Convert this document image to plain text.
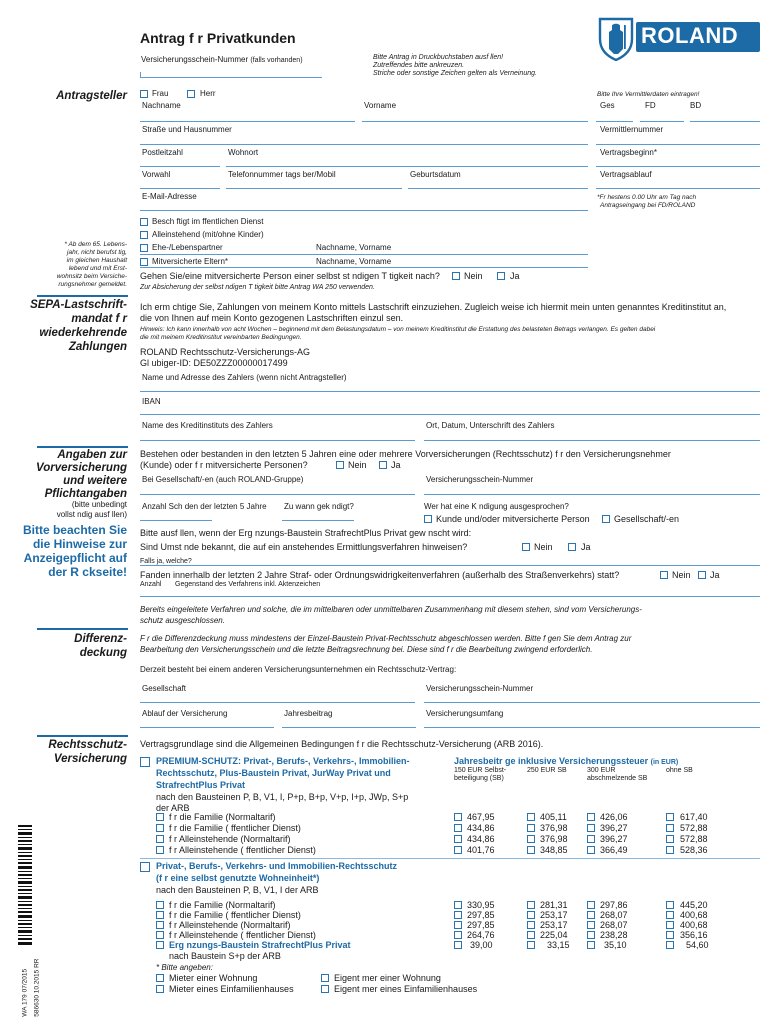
Antrag f r Privatkunden	ROLAND
Versicherungsschein-Nummer (falls vorhanden)	Bitte Antrag in Druckbuchstaben ausf llen!
Zutreffendes bitte ankreuzen.
Striche oder sonstige Zeichen gelten als Verneinung.
Antragsteller	Frau	Herr
Nachname	Vorname
Bitte Ihre Vermittlerdaten eintragen!
Ges	FD	BD
Straße und Hausnummer	Vermittlernummer
Postleitzahl	Wohnort	Vertragsbeginn*
Vorwahl	Telefonnummer tags ber/Mobil	Geburtsdatum	Vertragsablauf
E-Mail-Adresse	*Fr hestens 0.00 Uhr am Tag nach
Antragseingang bei FD/ROLAND
Besch ftigt im ffentlichen Dienst
Alleinstehend (mit/ohne Kinder)
Ehe-/Lebenspartner	Nachname, Vorname
Mitversicherte Eltern*	Nachname, Vorname
* Ab dem 65. Lebens-
jahr, nicht berufst tig,
im gleichen Haushalt
lebend und mit Erst-
wohnsitz beim Versiche-
rungsnehmer gemeldet.
Gehen Sie/eine mitversicherte Person einer selbst st ndigen T tigkeit nach?	Nein	Ja
Zur Absicherung der selbst ndigen T tigkeit bitte Antrag WA 250 verwenden.
SEPA-Lastschrift-
mandat f r
wiederkehrende
Zahlungen
Ich erm chtige Sie, Zahlungen von meinem Konto mittels Lastschrift einzuziehen. Zugleich weise ich hiermit mein unten genanntes Kreditinstitut an,
die von Ihnen auf mein Konto gezogenen Lastschriften einzul sen.
Hinweis: Ich kann innerhalb von acht Wochen – beginnend mit dem Belastungsdatum – von meinem Kreditinstitut die Erstattung des belasteten Betrags verlangen. Es gelten dabei
die mit meinem Kreditinstitut vereinbarten Bedingungen.
ROLAND Rechtsschutz-Versicherungs-AG
Gl ubiger-ID: DE50ZZZ00000017499
Name und Adresse des Zahlers (wenn nicht Antragsteller)
IBAN
Name des Kreditinstituts des Zahlers	Ort, Datum, Unterschrift des Zahlers
Angaben zur
Vorversicherung
und weitere
Pflichtangaben
(bitte unbedingt
vollst ndig ausf llen)
Bitte beachten Sie
die Hinweise zur
Anzeigepflicht auf
der R ckseite!
Bestehen oder bestanden in den letzten 5 Jahren eine oder mehrere Vorversicherungen (Rechtsschutz) f r den Versicherungsnehmer
(Kunde) oder f r mitversicherte Personen?	Nein	Ja
Bei Gesellschaft/-en (auch ROLAND-Gruppe)	Versicherungsschein-Nummer
Anzahl Sch den der letzten 5 Jahre Zu wann gek ndigt?	Wer hat eine K ndigung ausgesprochen?
Kunde und/oder mitversicherte Person	Gesellschaft/-en
Bitte ausf llen, wenn der Erg nzungs-Baustein StrafrechtPlus Privat gew nscht wird:
Sind Umst nde bekannt, die auf ein anstehendes Ermittlungsverfahren hinweisen?	Nein	Ja
Falls ja, welche?
Fanden innerhalb der letzten 2 Jahre Straf- oder Ordnungswidrigkeitenverfahren (außerhalb des Straßenverkehrs) statt?	Nein Ja
Anzahl Gegenstand des Verfahrens inkl. Aktenzeichen
Bereits eingeleitete Verfahren und solche, die im mittelbaren oder unmittelbaren Zusammenhang mit diesem stehen, sind vom Versicherungs-
schutz ausgeschlossen.
Differenz-
deckung
F r die Differenzdeckung muss mindestens der Einzel-Baustein Privat-Rechtsschutz abgeschlossen werden. Bitte f gen Sie dem Antrag zur
Bearbeitung den Versicherungsschein und die letzte Beitragsrechnung bei. Diese sind f r die Bearbeitung zwingend erforderlich.
Derzeit besteht bei einem anderen Versicherungsunternehmen ein Rechtsschutz-Vertrag:
Gesellschaft	Versicherungsschein-Nummer
Ablauf der Versicherung	Jahresbeitrag	Versicherungsumfang
Rechtsschutz-
Versicherung
Vertragsgrundlage sind die Allgemeinen Bedingungen f r die Rechtsschutz-Versicherung (ARB 2016).
PREMIUM-SCHUTZ: Privat-, Berufs-, Verkehrs-, Immobilien-
Rechtsschutz, Plus-Baustein Privat, JurWay Privat und
StrafrechtPlus Privat
nach den Bausteinen P, B, V1, I, P+p, B+p, V+p, I+p, JWp, S+p
der ARB
Jahresbeitr ge inklusive Versicherungssteuer (in EUR)
150 EUR Selbst-
beteiligung (SB)
250 EUR SB	300 EUR
abschmelzende SB
ohne SB
f r die Familie (Normaltarif)	467,95	405,11	426,06	617,40
f r die Familie ( ffentlicher Dienst)	434,86	376,98	396,27	572,88
f r Alleinstehende (Normaltarif)	434,86	376,98	396,27	572,88
f r Alleinstehende ( ffentlicher Dienst)	401,76	348,85	366,49	528,36
Privat-, Berufs-, Verkehrs- und Immobilien-Rechtsschutz
(f r eine selbst genutzte Wohneinheit*)
nach den Bausteinen P, B, V1, I der ARB
f r die Familie (Normaltarif)	330,95	281,31	297,86	445,20
f r die Familie ( ffentlicher Dienst)	297,85	253,17	268,07	400,68
f r Alleinstehende (Normaltarif)	297,85	253,17	268,07	400,68
f r Alleinstehende ( ffentlicher Dienst)	264,76	225,04	238,28	356,16
Erg nzungs-Baustein StrafrechtPlus Privat
nach Baustein S+p der ARB
39,00	33,15	35,10	54,60
* Bitte angeben:
Mieter einer Wohnung	Eigent mer einer Wohnung
Mieter eines Einfamilienhauses	Eigent mer eines Einfamilienhauses
WA 179 07/2015 586630 10.2015 RR
